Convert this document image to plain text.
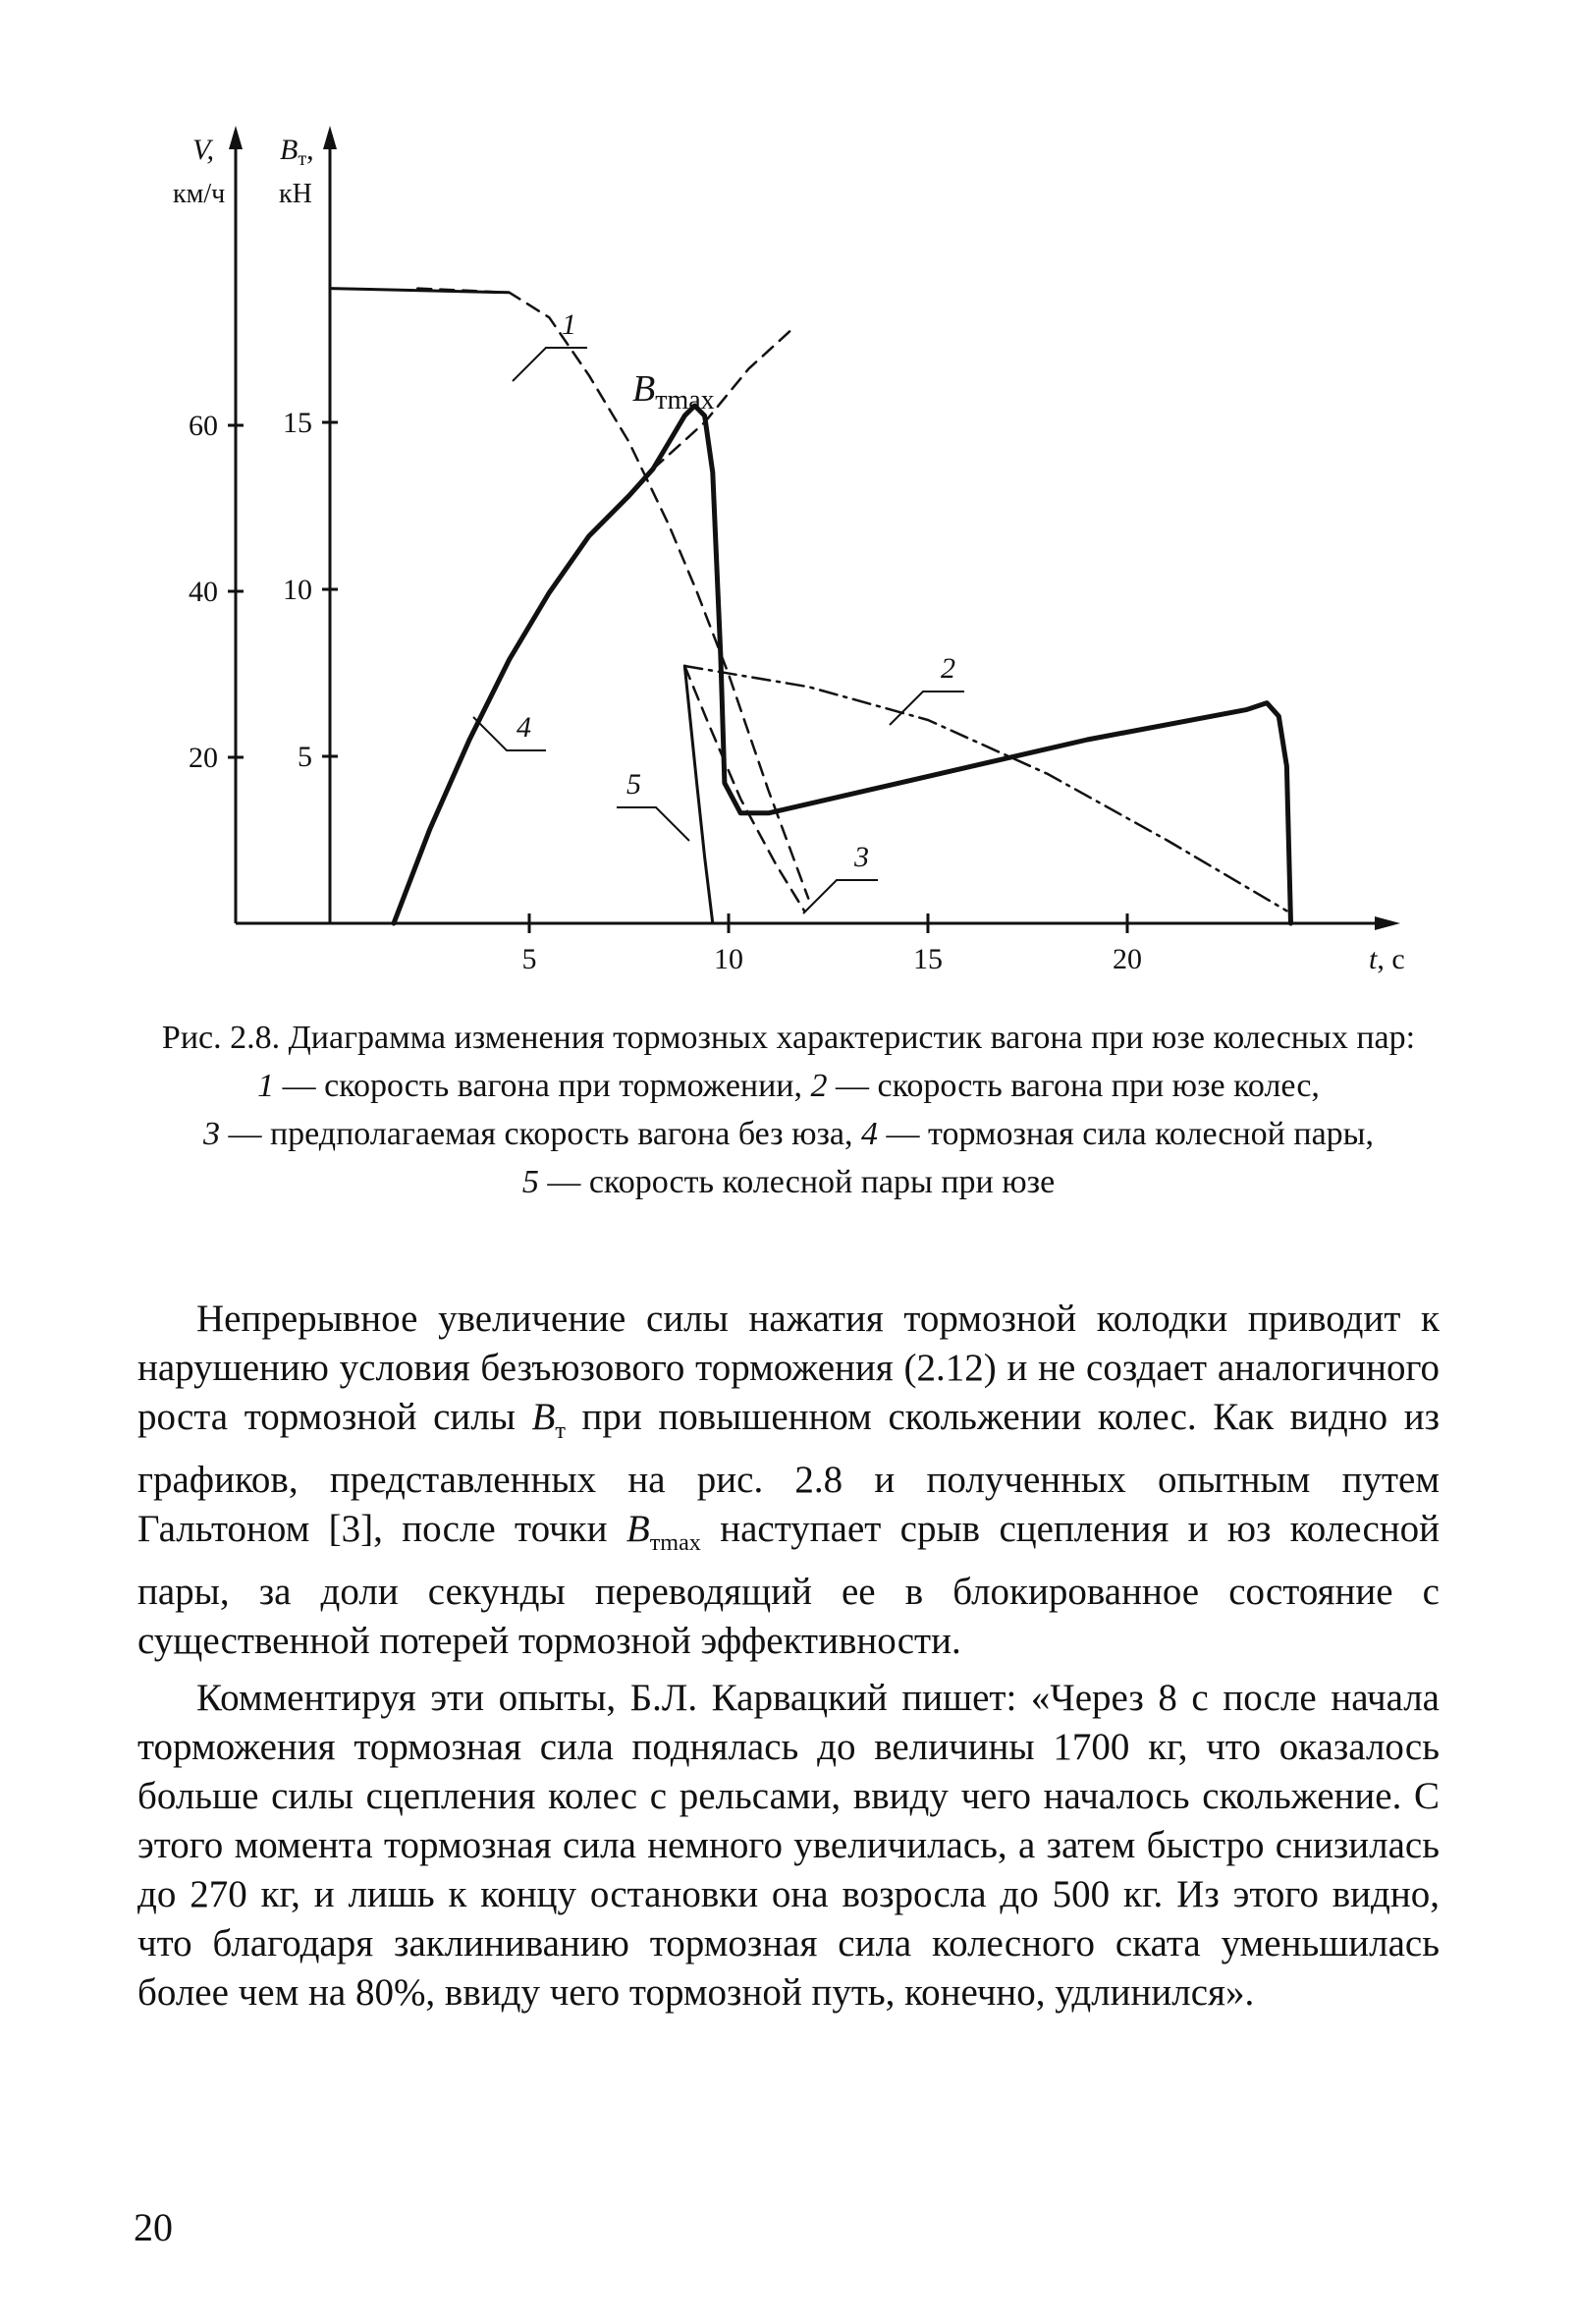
5	10	15	20
20
40
60
5
10
15
V,
км/ч
$B_т$,
кН
t, с
$B_{тmax}$
1
2
3
4
5

Рис. 2.8. Диаграмма изменения тормозных характеристик вагона при юзе колесных пар:

1 — скорость вагона при торможении, 2 — скорость вагона при юзе колес,
3 — предполагаемая скорость вагона без юза, 4 — тормозная сила колесной пары,
5 — скорость колесной пары при юзе

Непрерывное увеличение силы нажатия тормозной колодки приводит к нарушению условия безъюзового торможения (2.12) и не создает аналогичного роста тормозной силы $B_т$ при повышенном скольжении колес. Как видно из графиков, представленных на рис. 2.8 и полученных опытным путем Гальтоном [3], после точки $B_{тmax}$ наступает срыв сцепления и юз колесной пары, за доли секунды переводящий ее в блокированное состояние с существенной потерей тормозной эффективности.

Комментируя эти опыты, Б.Л. Карвацкий пишет: «Через 8 с после начала торможения тормозная сила поднялась до величины 1700 кг, что оказалось больше силы сцепления колес с рельсами, ввиду чего началось скольжение. С этого момента тормозная сила немного увеличилась, а затем быстро снизилась до 270 кг, и лишь к концу остановки она возросла до 500 кг. Из этого видно, что благодаря заклиниванию тормозная сила колесного ската уменьшилась более чем на 80%, ввиду чего тормозной путь, конечно, удлинился».

20
